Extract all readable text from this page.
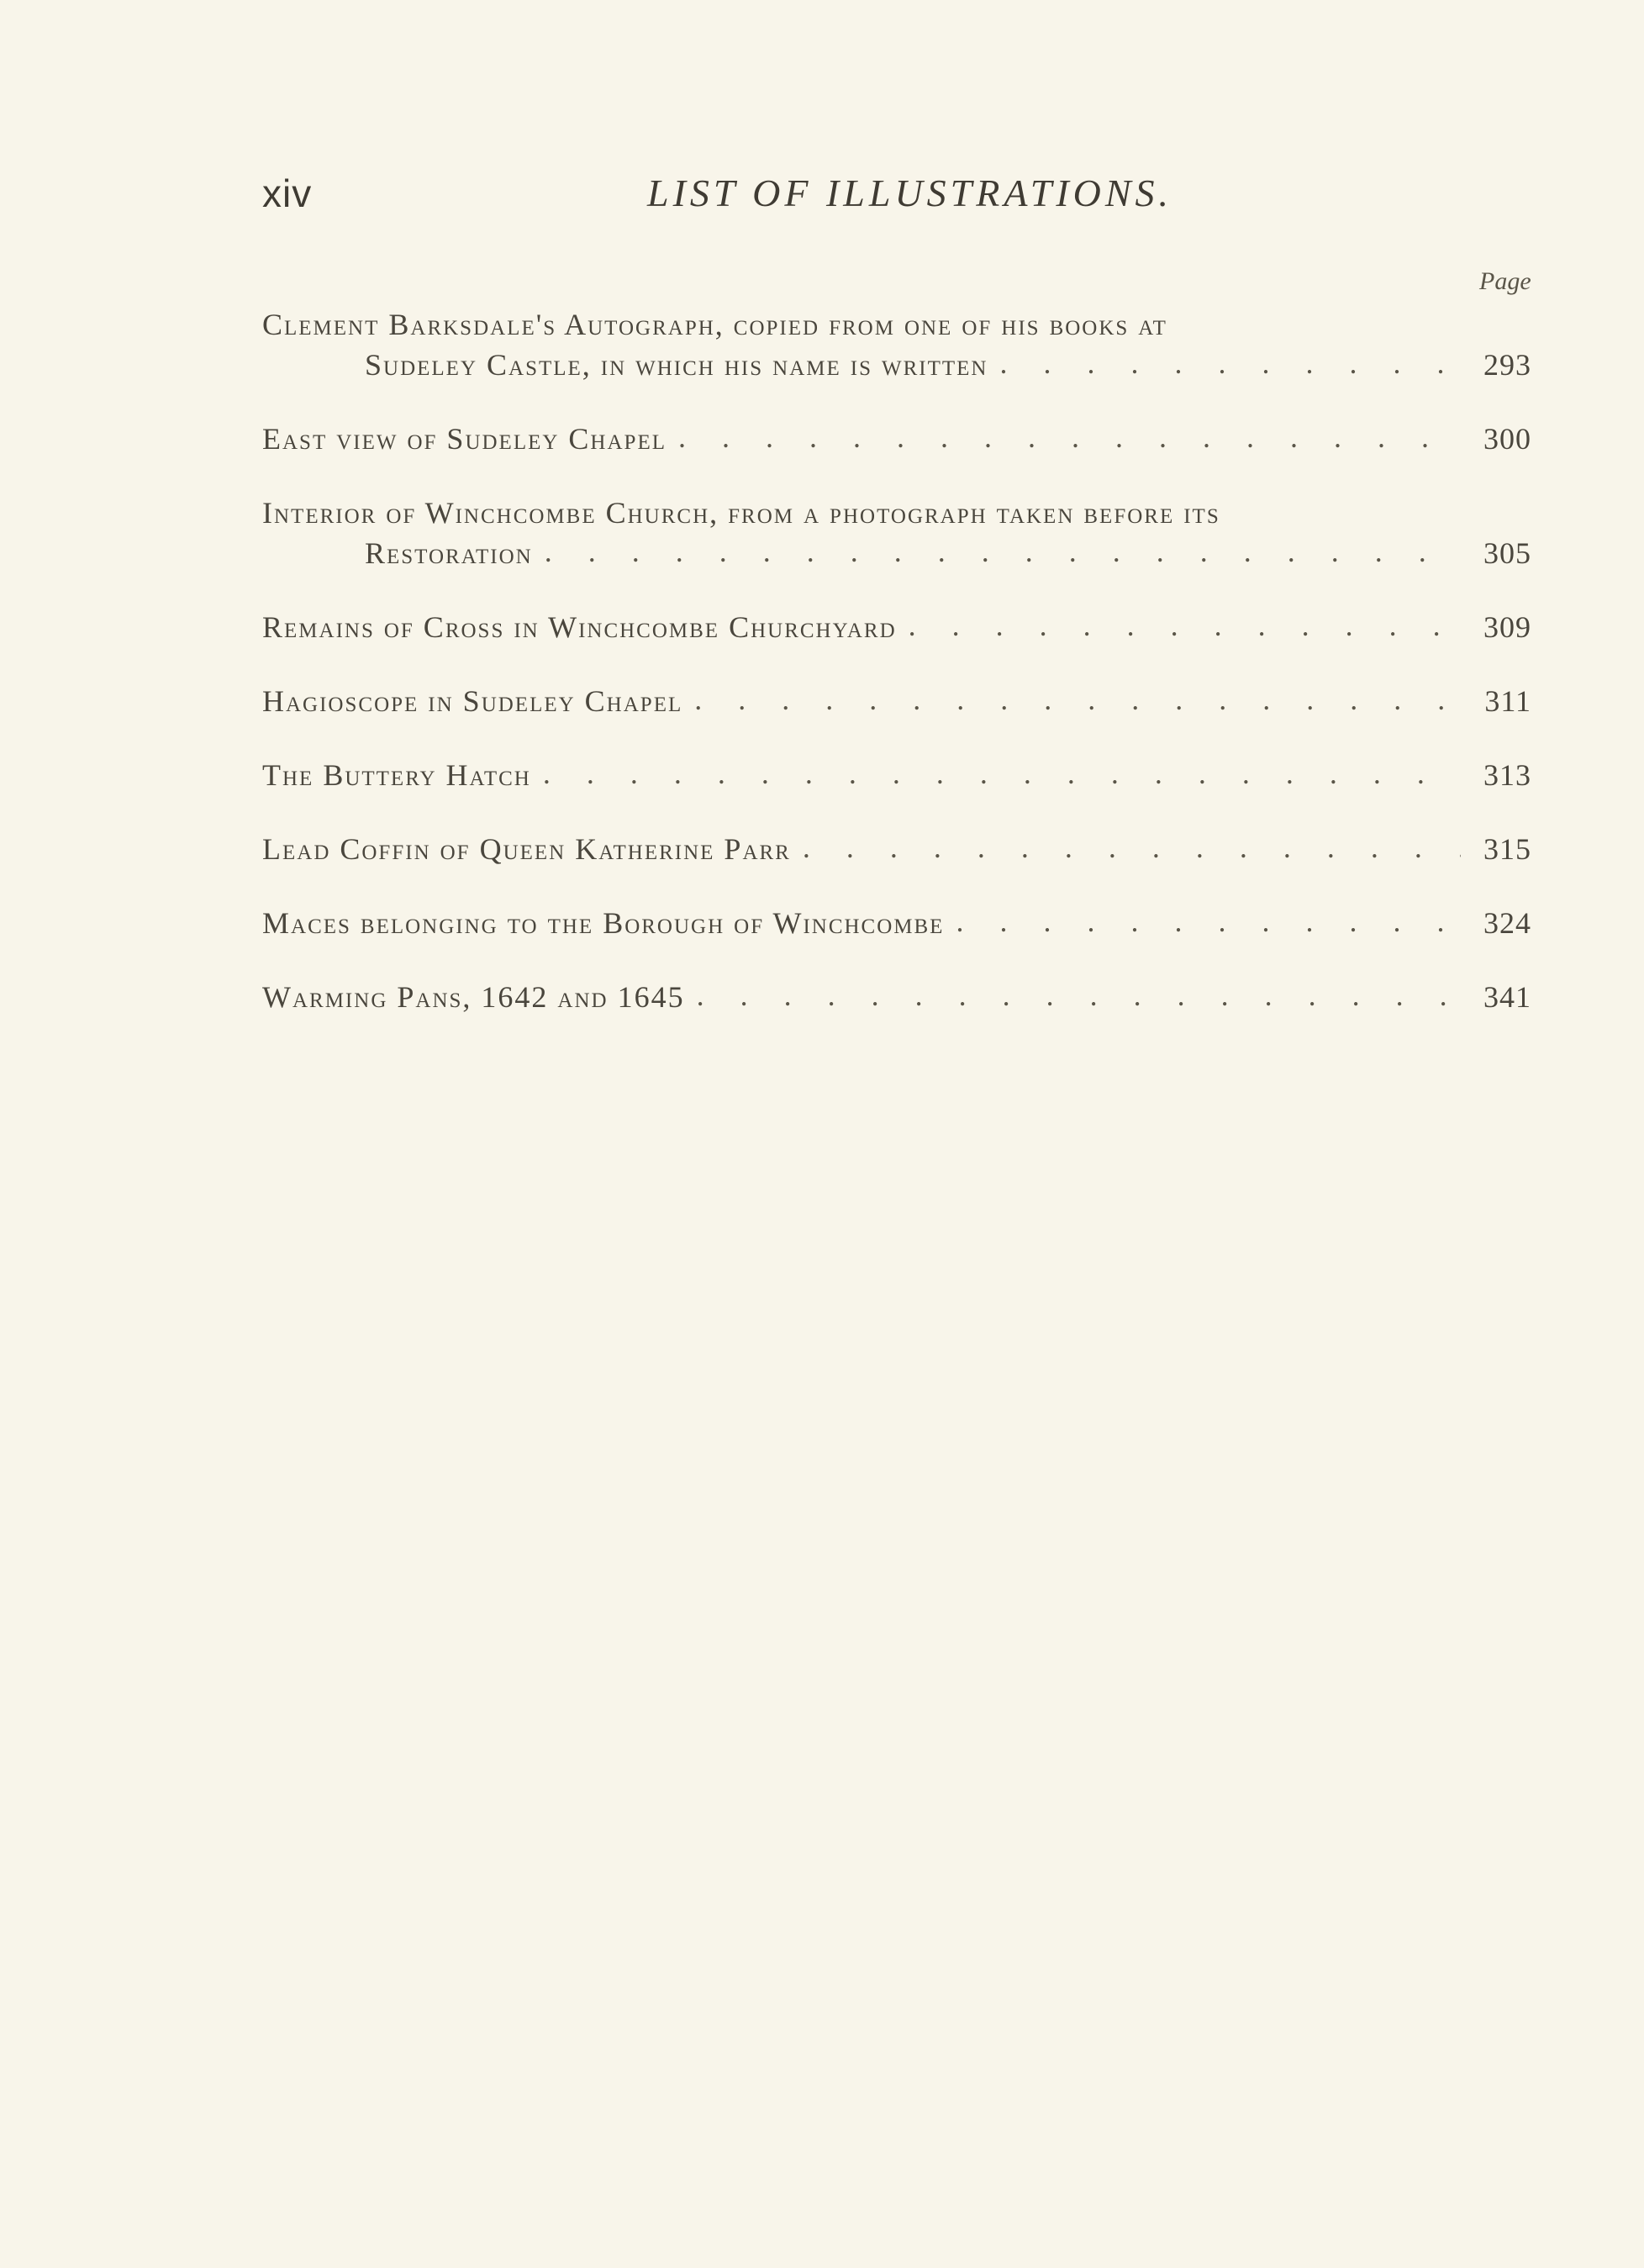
xiv	LIST OF ILLUSTRATIONS.
Page
Clement Barksdale's Autograph, copied from one of his books at
Sudeley Castle, in which his name is written . . .	293
East view of Sudeley Chapel . . .	300
Interior of Winchcombe Church, from a photograph taken before its
Restoration . . .	305
Remains of Cross in Winchcombe Churchyard . . .	309
Hagioscope in Sudeley Chapel . . .	311
The Buttery Hatch . . .	313
Lead Coffin of Queen Katherine Parr . . .	315
Maces belonging to the Borough of Winchcombe . . .	324
Warming Pans, 1642 and 1645 . . .	341
